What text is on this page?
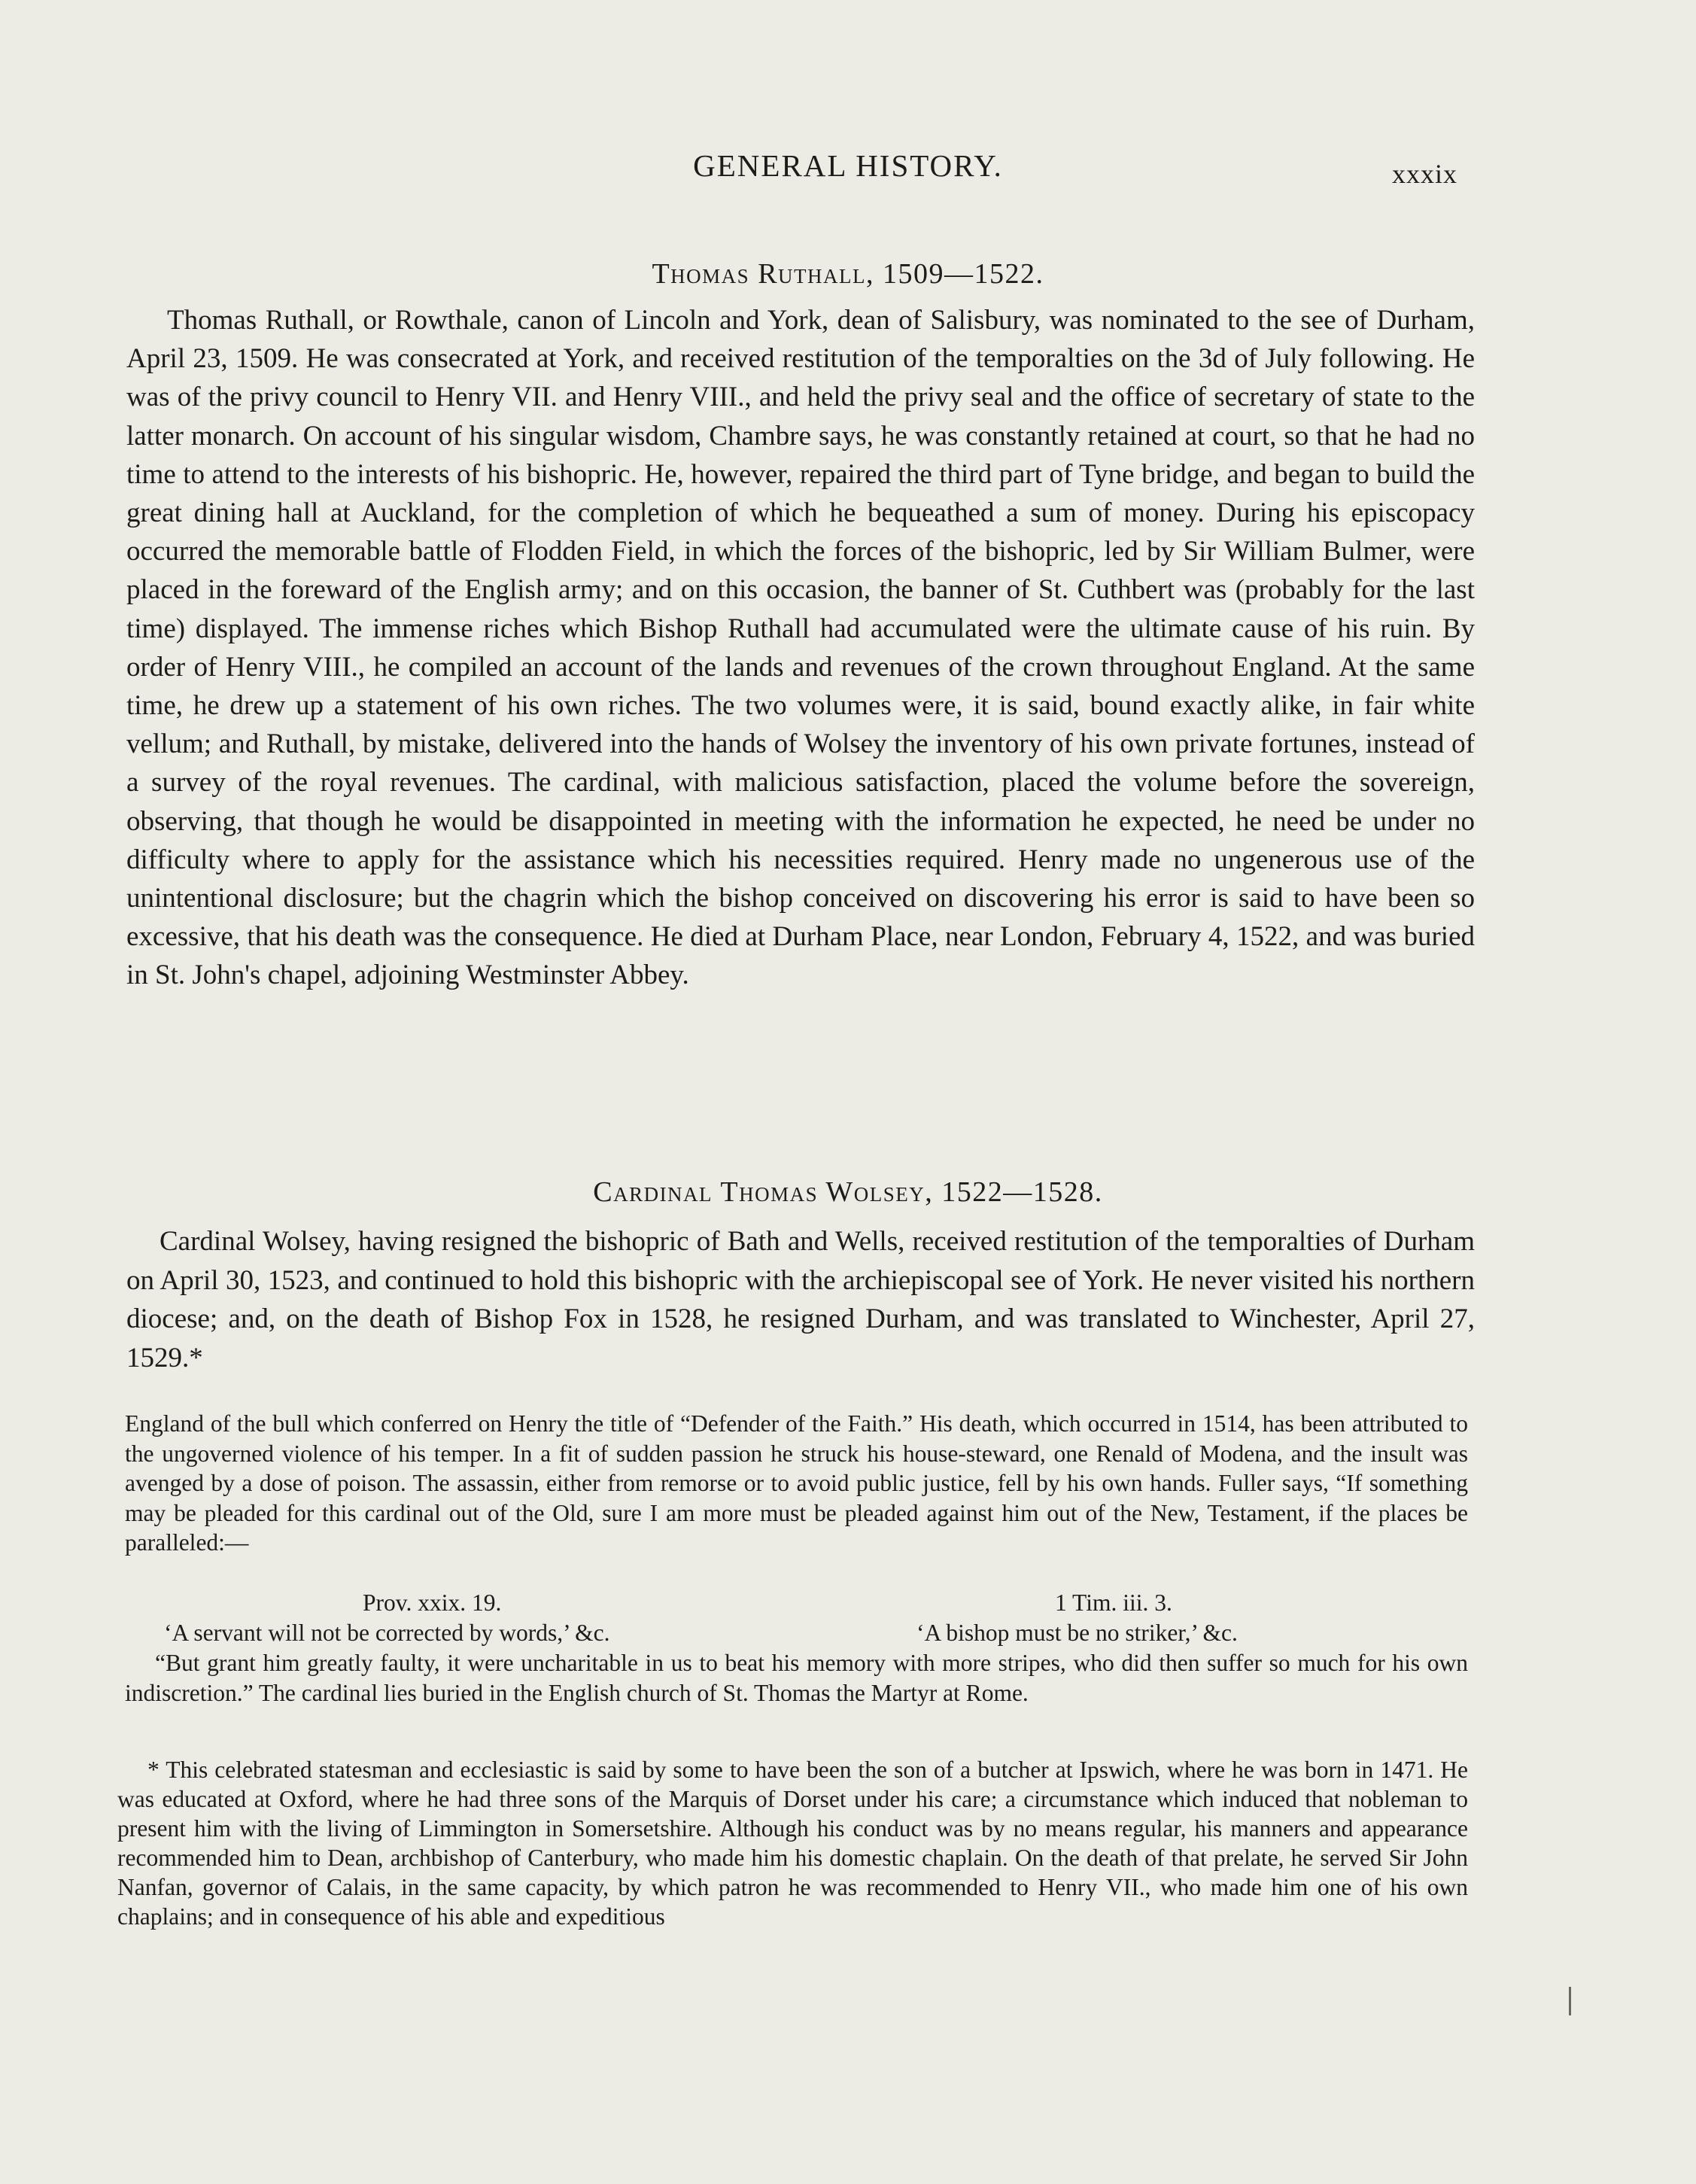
GENERAL HISTORY.	xxxix
Thomas Ruthall, 1509—1522.

Thomas Ruthall, or Rowthale, canon of Lincoln and York, dean of Salisbury, was nominated to the see of Durham, April 23, 1509. He was consecrated at York, and received restitution of the temporalties on the 3d of July following. He was of the privy council to Henry VII. and Henry VIII., and held the privy seal and the office of secretary of state to the latter monarch. On account of his singular wisdom, Chambre says, he was constantly retained at court, so that he had no time to attend to the interests of his bishopric. He, however, repaired the third part of Tyne bridge, and began to build the great dining hall at Auckland, for the completion of which he bequeathed a sum of money. During his episcopacy occurred the memorable battle of Flodden Field, in which the forces of the bishopric, led by Sir William Bulmer, were placed in the foreward of the English army; and on this occasion, the banner of St. Cuthbert was (probably for the last time) displayed. The immense riches which Bishop Ruthall had accumulated were the ultimate cause of his ruin. By order of Henry VIII., he compiled an account of the lands and revenues of the crown throughout England. At the same time, he drew up a statement of his own riches. The two volumes were, it is said, bound exactly alike, in fair white vellum; and Ruthall, by mistake, delivered into the hands of Wolsey the inventory of his own private fortunes, instead of a survey of the royal revenues. The cardinal, with malicious satisfaction, placed the volume before the sovereign, observing, that though he would be disappointed in meeting with the information he expected, he need be under no difficulty where to apply for the assistance which his necessities required. Henry made no ungenerous use of the unintentional disclosure; but the chagrin which the bishop conceived on discovering his error is said to have been so excessive, that his death was the consequence. He died at Durham Place, near London, February 4, 1522, and was buried in St. John's chapel, adjoining Westminster Abbey.

Cardinal Thomas Wolsey, 1522—1528.

Cardinal Wolsey, having resigned the bishopric of Bath and Wells, received restitution of the temporalties of Durham on April 30, 1523, and continued to hold this bishopric with the archiepiscopal see of York. He never visited his northern diocese; and, on the death of Bishop Fox in 1528, he resigned Durham, and was translated to Winchester, April 27, 1529.*

England of the bull which conferred on Henry the title of “Defender of the Faith.” His death, which occurred in 1514, has been attributed to the ungoverned violence of his temper. In a fit of sudden passion he struck his house-steward, one Renald of Modena, and the insult was avenged by a dose of poison. The assassin, either from remorse or to avoid public justice, fell by his own hands. Fuller says, “If something may be pleaded for this cardinal out of the Old, sure I am more must be pleaded against him out of the New, Testament, if the places be paralleled:—

Prov. xxix. 19.	1 Tim. iii. 3.
‘A servant will not be corrected by words,’ &c.	‘A bishop must be no striker,’ &c.

“But grant him greatly faulty, it were uncharitable in us to beat his memory with more stripes, who did then suffer so much for his own indiscretion.” The cardinal lies buried in the English church of St. Thomas the Martyr at Rome.

* This celebrated statesman and ecclesiastic is said by some to have been the son of a butcher at Ipswich, where he was born in 1471. He was educated at Oxford, where he had three sons of the Marquis of Dorset under his care; a circumstance which induced that nobleman to present him with the living of Limmington in Somersetshire. Although his conduct was by no means regular, his manners and appearance recommended him to Dean, archbishop of Canterbury, who made him his domestic chaplain. On the death of that prelate, he served Sir John Nanfan, governor of Calais, in the same capacity, by which patron he was recommended to Henry VII., who made him one of his own chaplains; and in consequence of his able and expeditious
